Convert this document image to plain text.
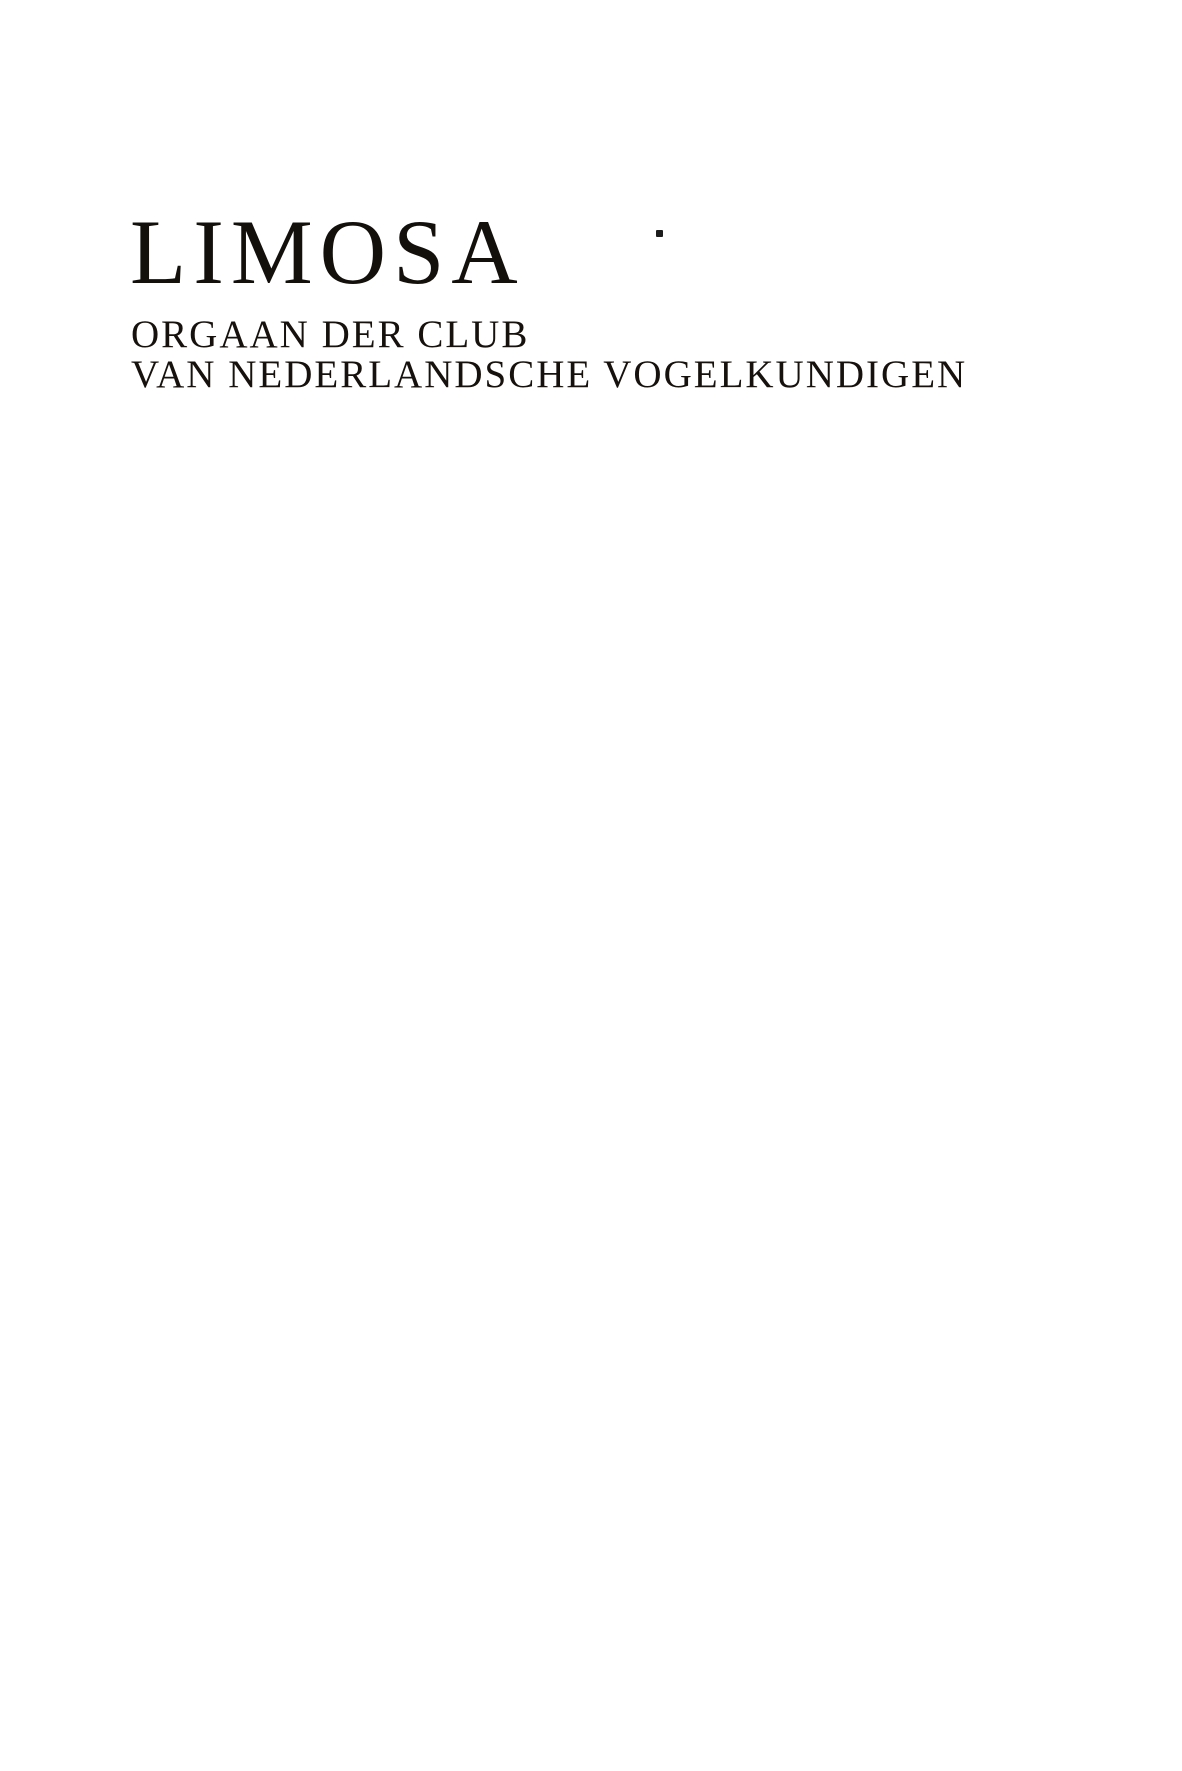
LIMOSA

ORGAAN DER CLUB

VAN NEDERLANDSCHE VOGELKUNDIGEN
